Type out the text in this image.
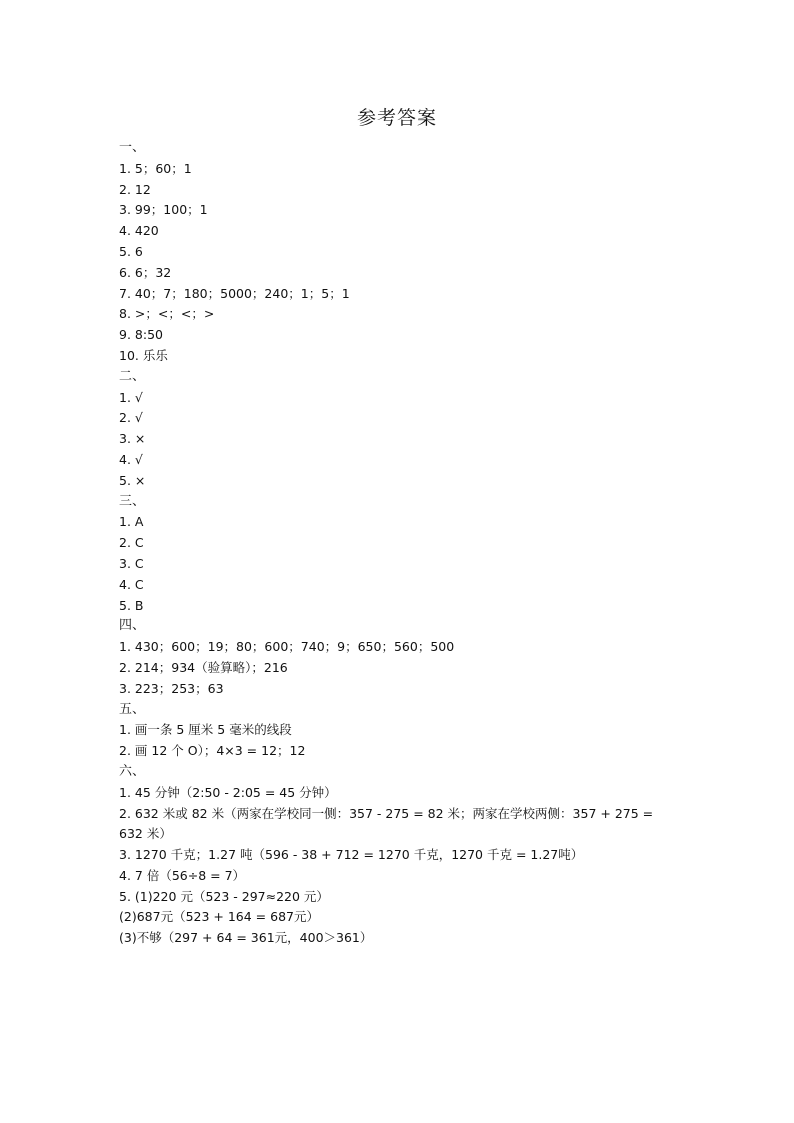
参考答案
一、
1. 5；60；1
2. 12
3. 99；100；1
4. 420
5. 6
6. 6；32
7. 40；7；180；5000；240；1；5；1
8. >；<；<；>
9. 8:50
10. 乐乐
二、
1. √
2. √
3. ×
4. √
5. ×
三、
1. A
2. C
3. C
4. C
5. B
四、
1. 430；600；19；80；600；740；9；650；560；500
2. 214；934（验算略）；216
3. 223；253；63
五、
1. 画一条 5 厘米 5 毫米的线段
2. 画 12 个 O）；4×3 = 12；12
六、
1. 45 分钟（2:50 - 2:05 = 45 分钟）
2. 632 米或 82 米（两家在学校同一侧：357 - 275 = 82 米；两家在学校两侧：357 + 275 = 632 米）
3. 1270 千克；1.27 吨（596 - 38 + 712 = 1270 千克，1270 千克 = 1.27吨）
4. 7 倍（56÷8 = 7）
5. (1)220 元（523 - 297≈220 元）
(2)687元（523 + 164 = 687元）
(3)不够（297 + 64 = 361元，400＞361）
